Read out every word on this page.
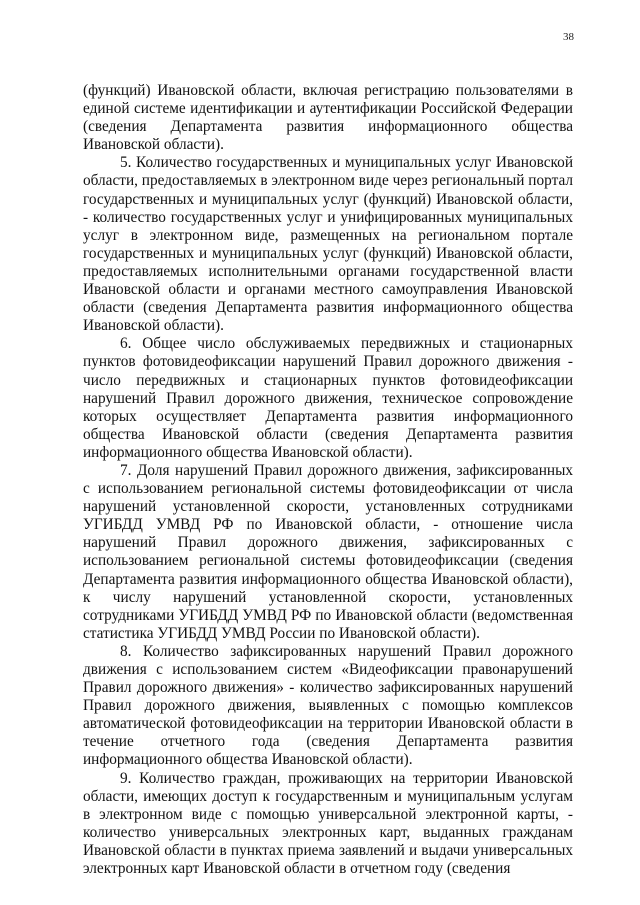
38

(функций) Ивановской области, включая регистрацию пользователями в единой системе идентификации и аутентификации Российской Федерации (сведения Департамента развития информационного общества Ивановской области).

5. Количество государственных и муниципальных услуг Ивановской области, предоставляемых в электронном виде через региональный портал государственных и муниципальных услуг (функций) Ивановской области, - количество государственных услуг и унифицированных муниципальных услуг в электронном виде, размещенных на региональном портале государственных и муниципальных услуг (функций) Ивановской области, предоставляемых исполнительными органами государственной власти Ивановской области и органами местного самоуправления Ивановской области (сведения Департамента развития информационного общества Ивановской области).

6. Общее число обслуживаемых передвижных и стационарных пунктов фотовидеофиксации нарушений Правил дорожного движения - число передвижных и стационарных пунктов фотовидеофиксации нарушений Правил дорожного движения, техническое сопровождение которых осуществляет Департамента развития информационного общества Ивановской области (сведения Департамента развития информационного общества Ивановской области).

7. Доля нарушений Правил дорожного движения, зафиксированных с использованием региональной системы фотовидеофиксации от числа нарушений установленной скорости, установленных сотрудниками УГИБДД УМВД РФ по Ивановской области, - отношение числа нарушений Правил дорожного движения, зафиксированных с использованием региональной системы фотовидеофиксации (сведения Департамента развития информационного общества Ивановской области), к числу нарушений установленной скорости, установленных сотрудниками УГИБДД УМВД РФ по Ивановской области (ведомственная статистика УГИБДД УМВД России по Ивановской области).

8. Количество зафиксированных нарушений Правил дорожного движения с использованием систем «Видеофиксации правонарушений Правил дорожного движения» - количество зафиксированных нарушений Правил дорожного движения, выявленных с помощью комплексов автоматической фотовидеофиксации на территории Ивановской области в течение отчетного года (сведения Департамента развития информационного общества Ивановской области).

9. Количество граждан, проживающих на территории Ивановской области, имеющих доступ к государственным и муниципальным услугам в электронном виде с помощью универсальной электронной карты, - количество универсальных электронных карт, выданных гражданам Ивановской области в пунктах приема заявлений и выдачи универсальных электронных карт Ивановской области в отчетном году (сведения
